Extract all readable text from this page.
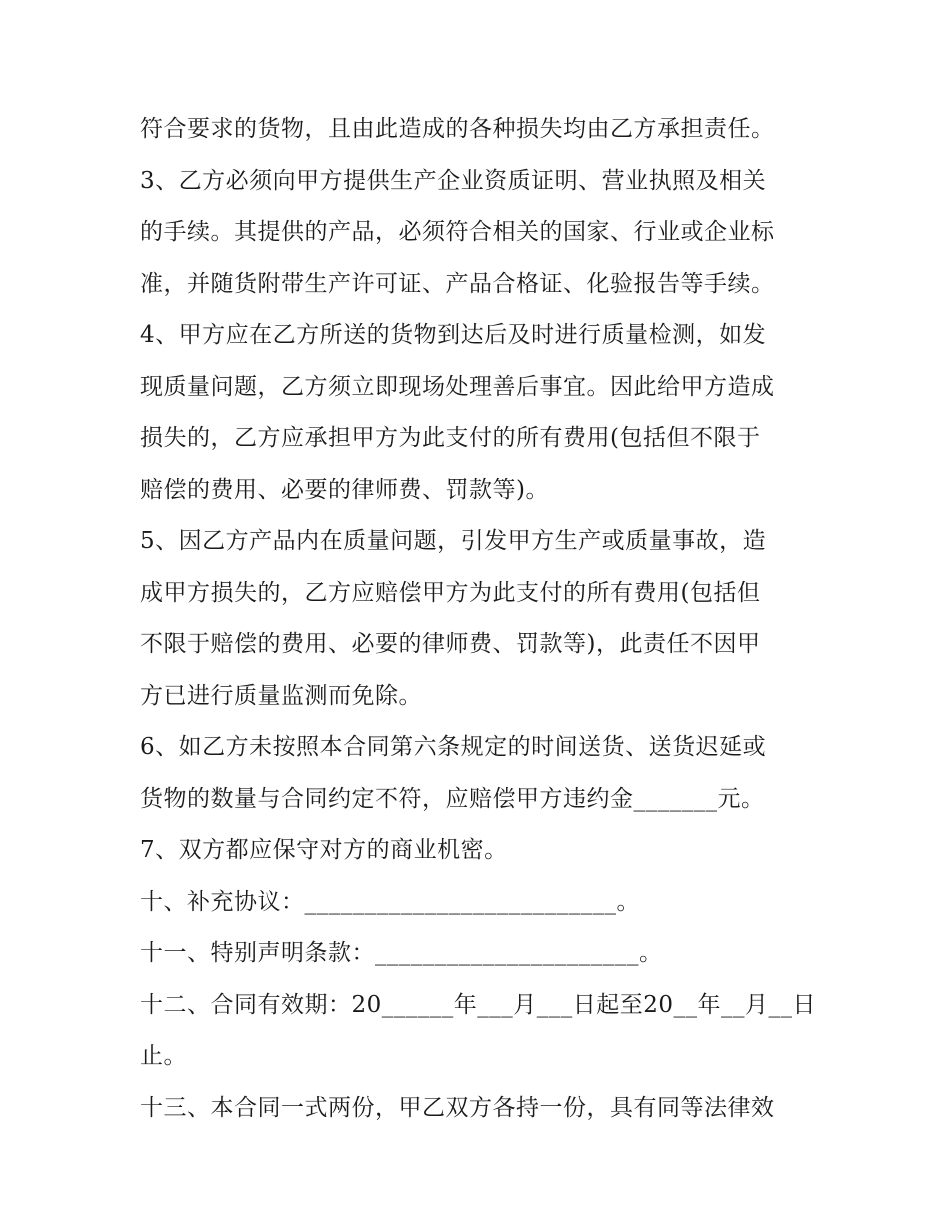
符合要求的货物，且由此造成的各种损失均由乙方承担责任。
3、乙方必须向甲方提供生产企业资质证明、营业执照及相关
的手续。其提供的产品，必须符合相关的国家、行业或企业标
准，并随货附带生产许可证、产品合格证、化验报告等手续。
4、甲方应在乙方所送的货物到达后及时进行质量检测，如发
现质量问题，乙方须立即现场处理善后事宜。因此给甲方造成
损失的，乙方应承担甲方为此支付的所有费用(包括但不限于
赔偿的费用、必要的律师费、罚款等)。
5、因乙方产品内在质量问题，引发甲方生产或质量事故，造
成甲方损失的，乙方应赔偿甲方为此支付的所有费用(包括但
不限于赔偿的费用、必要的律师费、罚款等)，此责任不因甲
方已进行质量监测而免除。
6、如乙方未按照本合同第六条规定的时间送货、送货迟延或
货物的数量与合同约定不符，应赔偿甲方违约金_______元。
7、双方都应保守对方的商业机密。
十、补充协议：__________________________。
十一、特别声明条款：______________________。
十二、合同有效期：20______年___月___日起至20__年__月__日
止。
十三、本合同一式两份，甲乙双方各持一份，具有同等法律效
